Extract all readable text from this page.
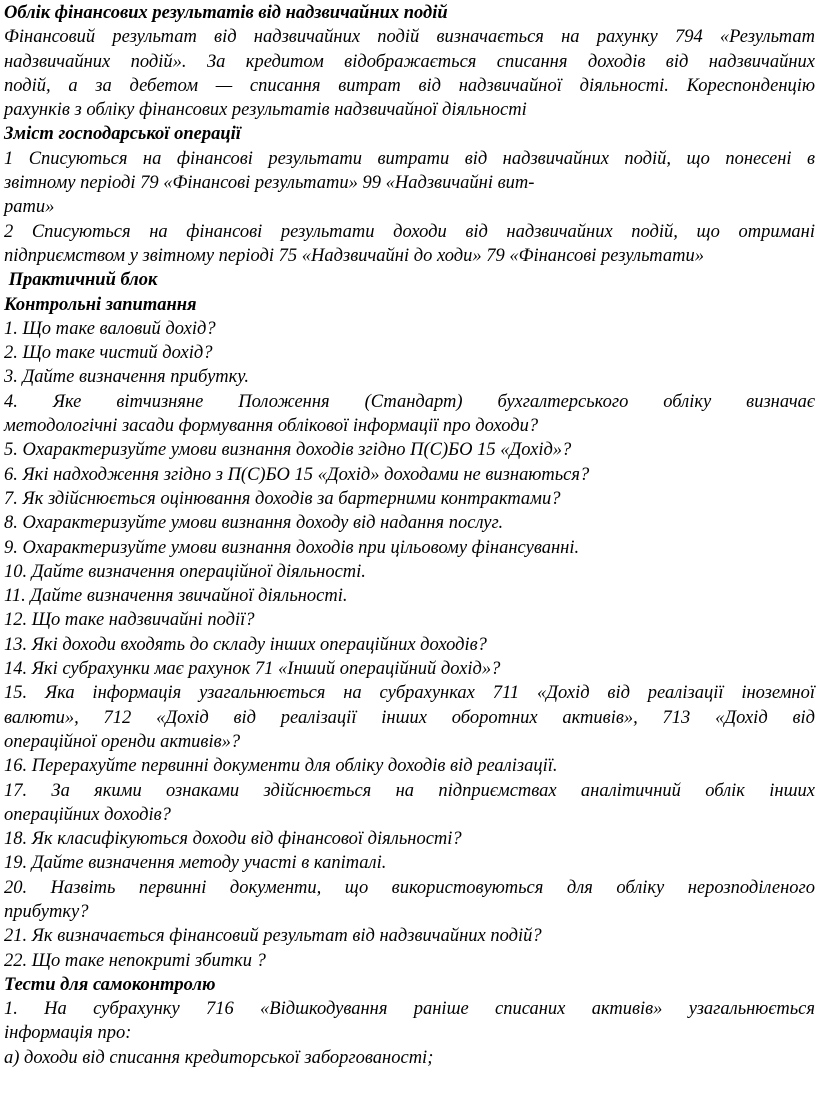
Облік фінансових результатів від надзвичайних подій
Фінансовий результат від надзвичайних подій визначається на рахунку 794 «Результат
надзвичайних подій». За кредитом відображається списання доходів від надзвичайних
подій, а за дебетом — списання витрат від надзвичайної діяльності. Кореспонденцію
рахунків з обліку фінансових результатів надзвичайної діяльності
Зміст господарської операції
1 Списуються на фінансові результати витрати від надзвичайних подій, що понесені в
звітному періоді 79 «Фінансові результати» 99 «Надзвичайні вит-
рати»
2 Списуються на фінансові результати доходи від надзвичайних подій, що отримані
підприємством у звітному періоді 75 «Надзвичайні до ходи» 79 «Фінансові результати»
Практичний блок
Контрольні запитання
1. Що таке валовий дохід?
2. Що таке чистий дохід?
3. Дайте визначення прибутку.
4. Яке вітчизняне Положення (Стандарт) бухгалтерського обліку визначає
методологічні засади формування облікової інформації про доходи?
5. Охарактеризуйте умови визнання доходів згідно П(С)БО 15 «Дохід»?
6. Які надходження згідно з П(С)БО 15 «Дохід» доходами не визнаються?
7. Як здійснюється оцінювання доходів за бартерними контрактами?
8. Охарактеризуйте умови визнання доходу від надання послуг.
9. Охарактеризуйте умови визнання доходів при цільовому фінансуванні.
10. Дайте визначення операційної діяльності.
11. Дайте визначення звичайної діяльності.
12. Що таке надзвичайні події?
13. Які доходи входять до складу інших операційних доходів?
14. Які субрахунки має рахунок 71 «Інший операційний дохід»?
15. Яка інформація узагальнюється на субрахунках 711 «Дохід від реалізації іноземної
валюти», 712 «Дохід від реалізації інших оборотних активів», 713 «Дохід від
операційної оренди активів»?
16. Перерахуйте первинні документи для обліку доходів від реалізації.
17. За якими ознаками здійснюється на підприємствах аналітичний облік інших
операційних доходів?
18. Як класифікуються доходи від фінансової діяльності?
19. Дайте визначення методу участі в капіталі.
20. Назвіть первинні документи, що використовуються для обліку нерозподіленого
прибутку?
21. Як визначається фінансовий результат від надзвичайних подій?
22. Що таке непокриті збитки ?
Тести для самоконтролю
1. На субрахунку 716 «Відшкодування раніше списаних активів» узагальнюється
інформація про:
а) доходи від списання кредиторської заборгованості;
